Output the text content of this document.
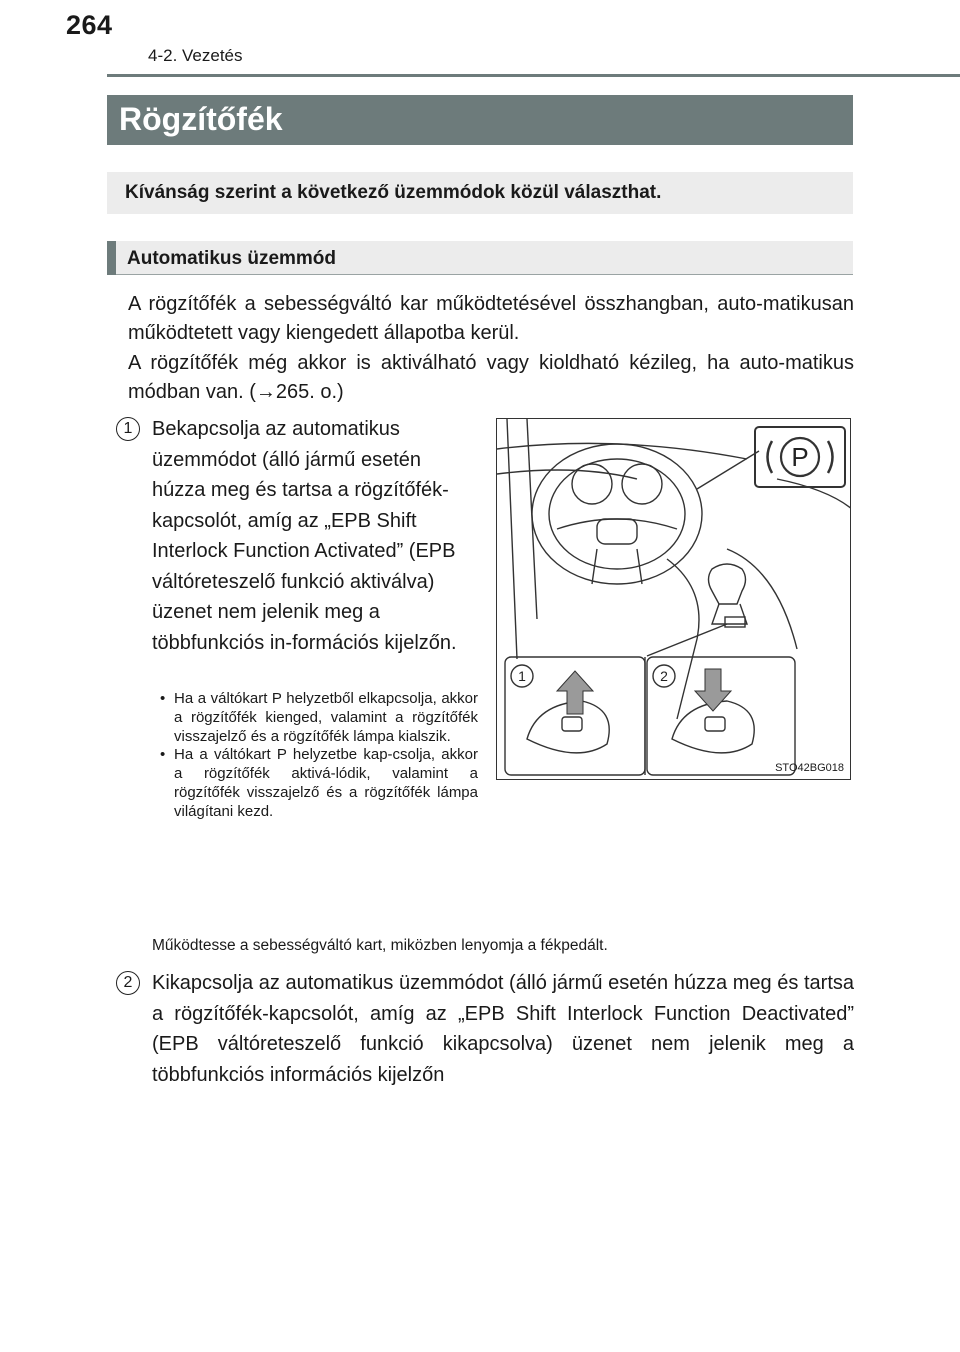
264
4-2. Vezetés
Rögzítőfék
Kívánság szerint a következő üzemmódok közül választhat.
Automatikus üzemmód
A rögzítőfék a sebességváltó kar működtetésével összhangban, auto-matikusan működtetett vagy kiengedett állapotba kerül.
A rögzítőfék még akkor is aktiválható vagy kioldható kézileg, ha auto-matikus módban van. (→265. o.)
1 Bekapcsolja az automatikus üzemmódot (álló jármű esetén húzza meg és tartsa a rögzítőfék-kapcsolót, amíg az „EPB Shift Interlock Function Activated” (EPB váltóreteszelő funkció aktiválva) üzenet nem jelenik meg a többfunkciós in-formációs kijelzőn.
• Ha a váltókart P helyzetből elkapcsolja, akkor a rögzítőfék kienged, valamint a rögzítőfék visszajelző és a rögzítőfék lámpa kialszik.
• Ha a váltókart P helyzetbe kap-csolja, akkor a rögzítőfék aktivá-lódik, valamint a rögzítőfék visszajelző és a rögzítőfék lámpa világítani kezd.
P
1	2
STO42BG018
Működtesse a sebességváltó kart, miközben lenyomja a fékpedált.
2 Kikapcsolja az automatikus üzemmódot (álló jármű esetén húzza meg és tartsa a rögzítőfék-kapcsolót, amíg az „EPB Shift Interlock Function Deactivated” (EPB váltóreteszelő funkció kikapcsolva) üzenet nem jelenik meg a többfunkciós információs kijelzőn
